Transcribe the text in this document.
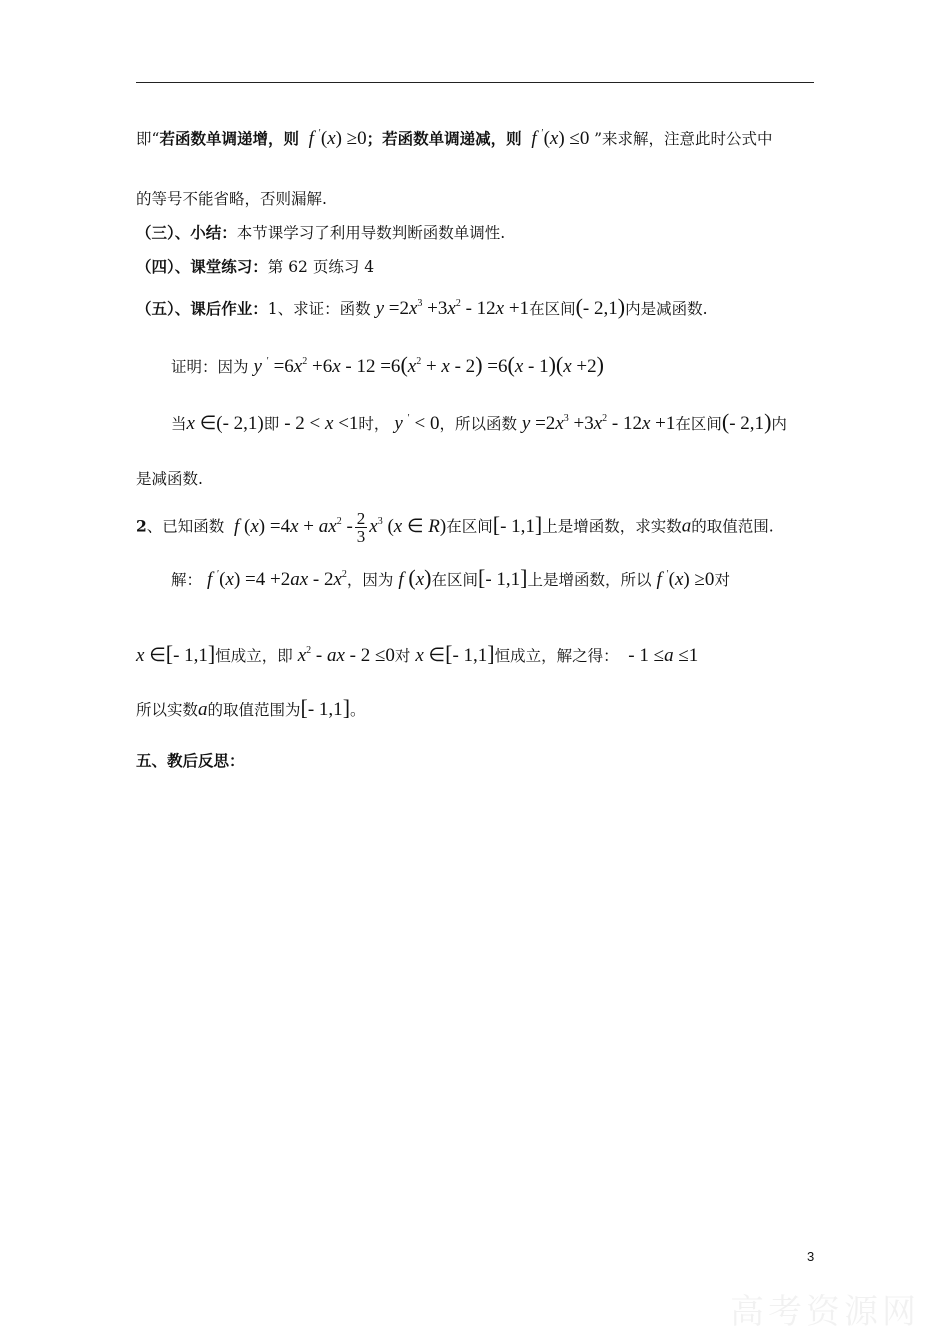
即“若函数单调递增，则 f ′(x) ≥0；若函数单调递减，则 f ′(x) ≤0 ”来求解，注意此时公式中
的等号不能省略，否则漏解.
（三）、小结：本节课学习了利用导数判断函数单调性.
（四）、课堂练习：第 62 页练习 4
（五）、课后作业：1、求证：函数 $y =2x^3 +3x^2 - 12x +1$在区间(- 2,1)内是减函数.
证明：因为 y $' =6x^2 +6x - 12 =6(x^2 + x - 2) =6(x - 1)(x +2)$
当x ∈(- 2,1)即 - 2 < x <1时， y ′ < 0，所以函数 $y =2x^3 +3x^2 - 12x +1$在区间(- 2,1)内
是减函数.
2、已知函数 f $(x) =4x + ax^2 - \frac{2}{3} x^3$ (x ∈ R)在区间[- 1,1]上是增函数，求实数a的取值范围.
解： f $'(x) =4 +2ax - 2x^2$，因为 f (x)在区间[- 1,1]上是增函数，所以 f ′(x) ≥0对
x ∈[- 1,1]恒成立，即 $x^2$ - ax - 2 ≤0对 x ∈[- 1,1]恒成立，解之得：  - 1 ≤a ≤1
所以实数a的取值范围为[- 1,1]。
五、教后反思：
3
高考资源网
